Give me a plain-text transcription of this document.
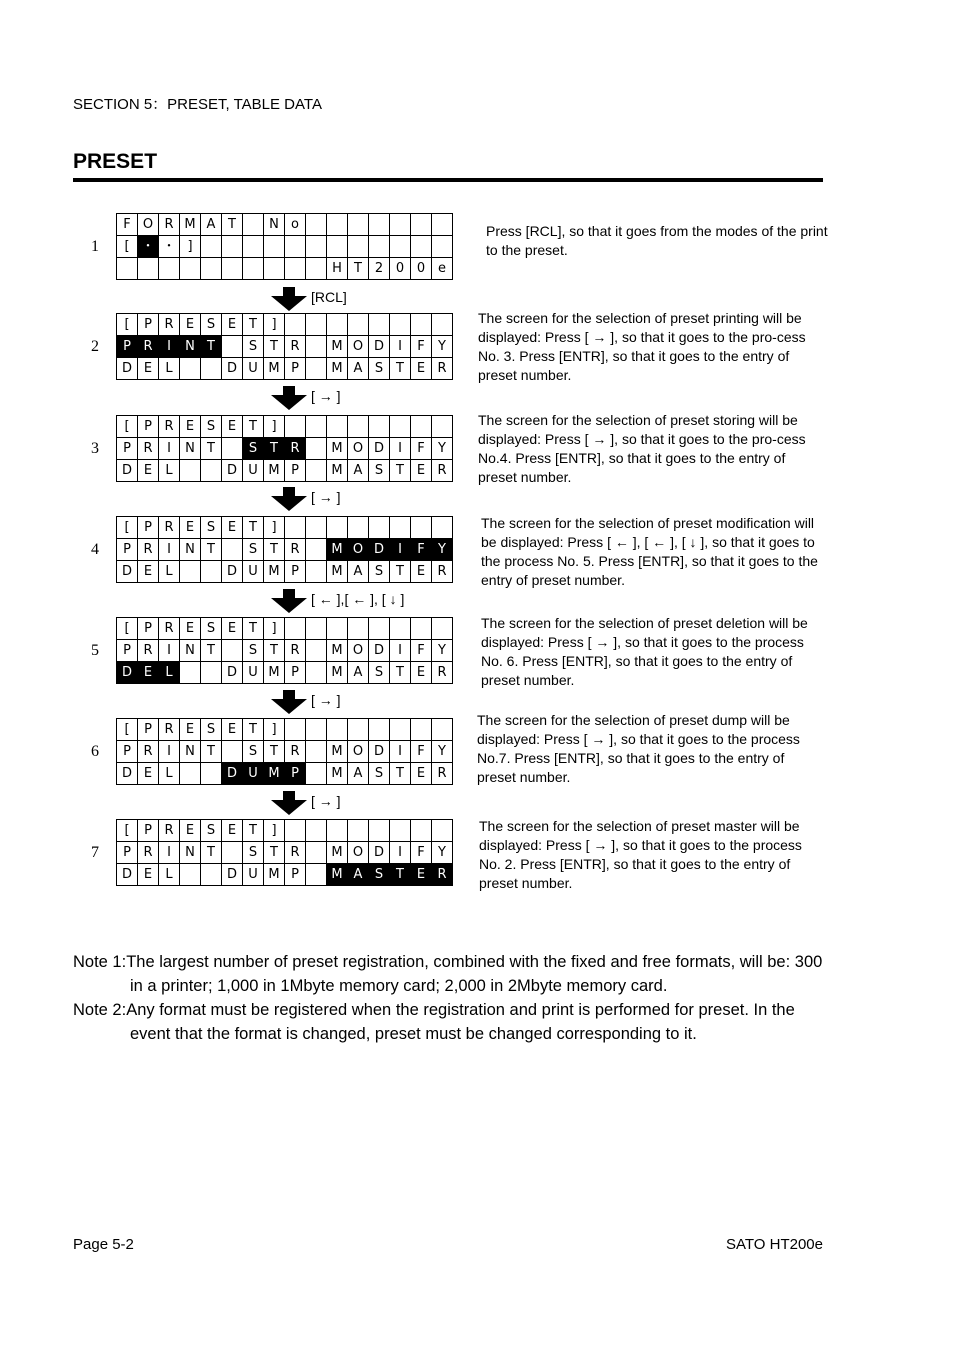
SECTION 5：PRESET, TABLE DATA
PRESET
1
F	O	R	M	A	T		N	o							
[	・	・	]												
										H	T	2	0	0	e
Press [RCL], so that it goes from the modes of the print to the preset.
[RCL]
2
[	P	R	E	S	E	T	]								
P	R	I	N	T		S	T	R		M	O	D	I	F	Y
D	E	L			D	U	M	P		M	A	S	T	E	R
The screen for the selection of preset printing will be displayed: Press [ → ], so that it goes to the pro-cess No. 3. Press [ENTR], so that it goes to the entry of preset number.
[ → ]
3
[	P	R	E	S	E	T	]								
P	R	I	N	T		S	T	R		M	O	D	I	F	Y
D	E	L			D	U	M	P		M	A	S	T	E	R
The screen for the selection of preset storing will be displayed: Press [ → ], so that it goes to the pro-cess No.4. Press [ENTR], so that it goes to the entry of preset number.
[ → ]
4
[	P	R	E	S	E	T	]								
P	R	I	N	T		S	T	R		M	O	D	I	F	Y
D	E	L			D	U	M	P		M	A	S	T	E	R
The screen for the selection of preset modification will be displayed: Press [ ← ], [ ← ], [ ↓ ], so that it goes to the process No. 5. Press [ENTR], so that it goes to the entry of preset number.
[ ← ],[ ← ], [ ↓ ]
5
[	P	R	E	S	E	T	]								
P	R	I	N	T		S	T	R		M	O	D	I	F	Y
D	E	L			D	U	M	P		M	A	S	T	E	R
The screen for the selection of preset deletion will be displayed: Press [ → ], so that it goes to the process No. 6. Press [ENTR], so that it goes to the entry of preset number.
[ → ]
6
[	P	R	E	S	E	T	]								
P	R	I	N	T		S	T	R		M	O	D	I	F	Y
D	E	L			D	U	M	P		M	A	S	T	E	R
The screen for the selection of preset dump will be displayed: Press [ → ], so that it goes to the process No.7. Press [ENTR], so that it goes to the entry of preset number.
[ → ]
7
[	P	R	E	S	E	T	]								
P	R	I	N	T		S	T	R		M	O	D	I	F	Y
D	E	L			D	U	M	P		M	A	S	T	E	R
The screen for the selection of preset master will be displayed: Press [ → ], so that it goes to the process No. 2. Press [ENTR], so that it goes to the entry of preset number.
Note 1:The largest number of preset registration, combined with the fixed and free formats, will be: 300 in a printer; 1,000 in 1Mbyte memory card; 2,000 in 2Mbyte memory card.
Note 2:Any format must be registered when the registration and print is performed for preset. In the event that the format is changed, preset must be changed corresponding to it.
Page 5-2	SATO HT200e
